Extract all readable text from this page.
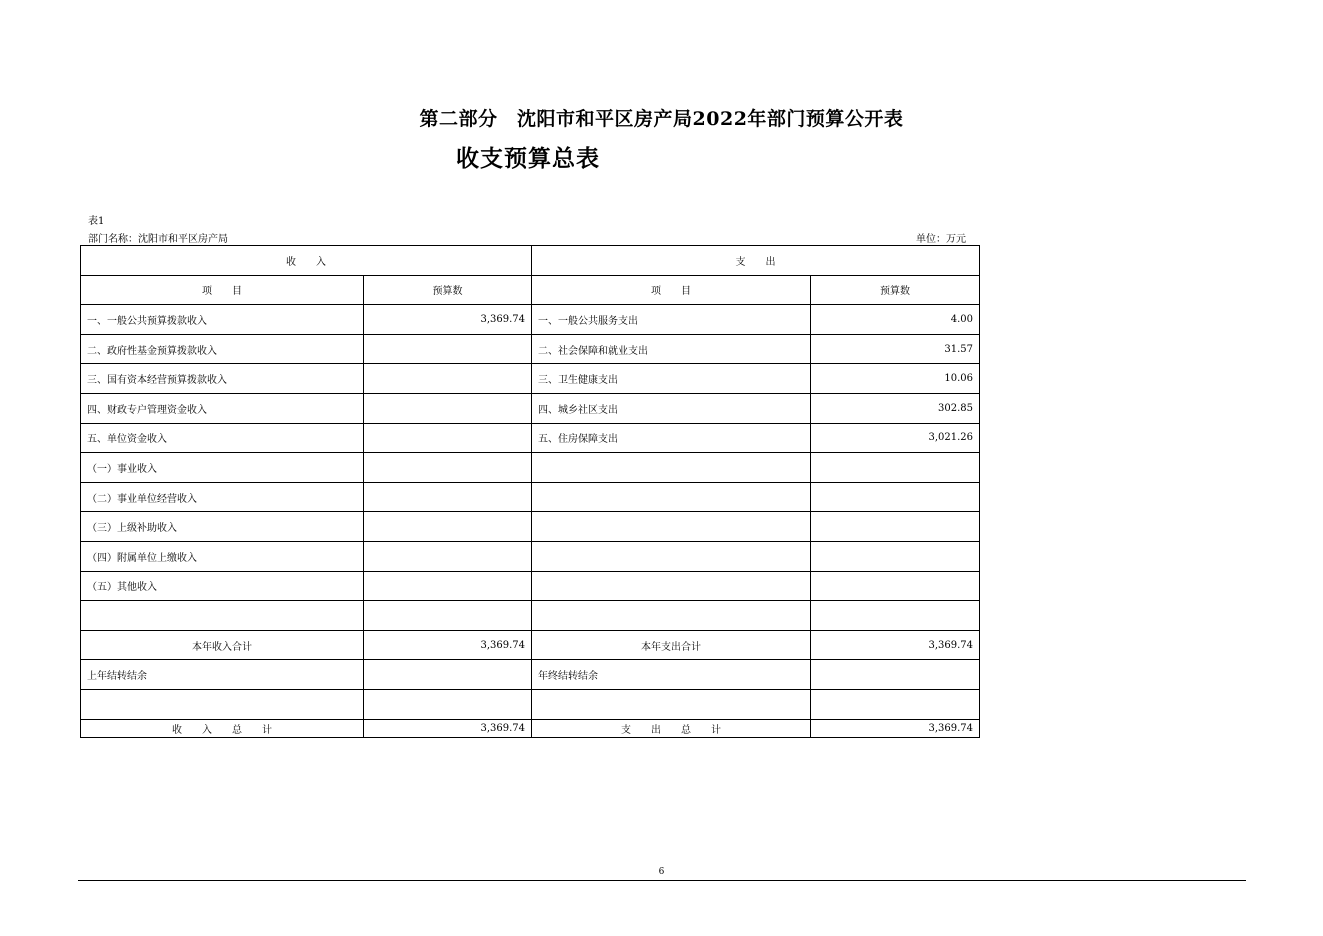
第二部分　沈阳市和平区房产局2022年部门预算公开表
收支预算总表
表1
部门名称：沈阳市和平区房产局	单位：万元
收　　入		支　　出	
项　　目	预算数	项　　目	预算数
一、一般公共预算拨款收入	3,369.74	一、一般公共服务支出	4.00
二、政府性基金预算拨款收入		二、社会保障和就业支出	31.57
三、国有资本经营预算拨款收入		三、卫生健康支出	10.06
四、财政专户管理资金收入		四、城乡社区支出	302.85
五、单位资金收入		五、住房保障支出	3,021.26
（一）事业收入			
（二）事业单位经营收入			
（三）上级补助收入			
（四）附属单位上缴收入			
（五）其他收入			

本年收入合计	3,369.74	本年支出合计	3,369.74
上年结转结余		年终结转结余	

收　　入　　总　　计	3,369.74	支　　出　　总　　计	3,369.74
6
